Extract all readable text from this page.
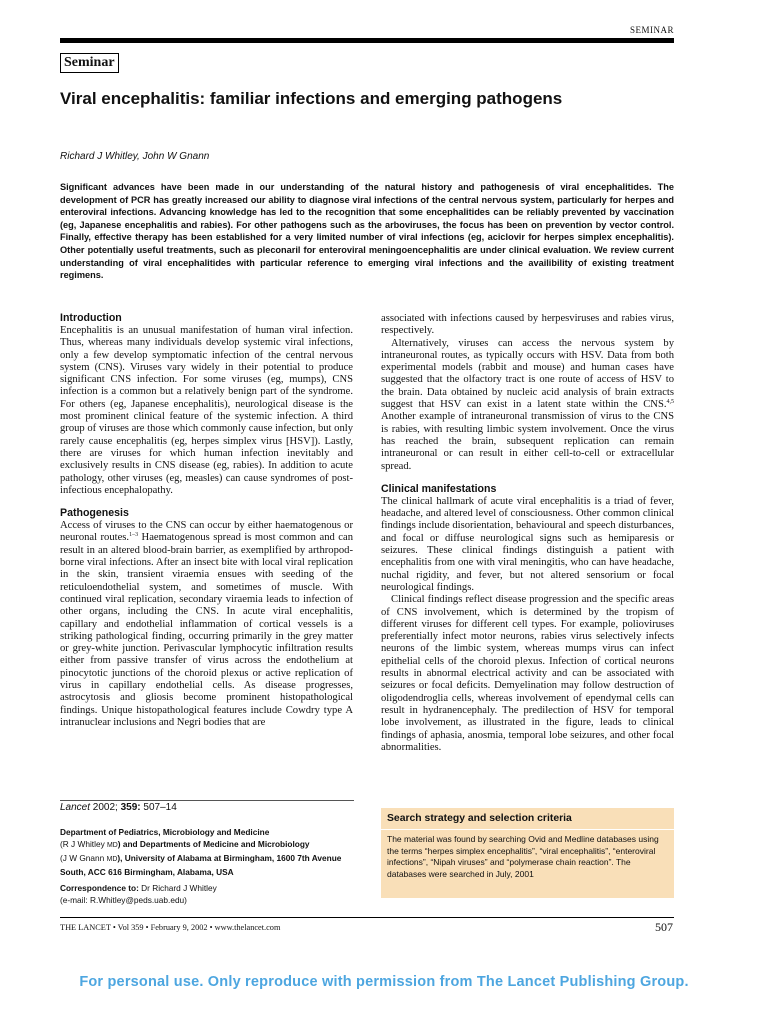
SEMINAR
Seminar
Viral encephalitis: familiar infections and emerging pathogens
Richard J Whitley, John W Gnann

Significant advances have been made in our understanding of the natural history and pathogenesis of viral encephalitides. The development of PCR has greatly increased our ability to diagnose viral infections of the central nervous system, particularly for herpes and enteroviral infections. Advancing knowledge has led to the recognition that some encephalitides can be reliably prevented by vaccination (eg, Japanese encephalitis and rabies). For other pathogens such as the arboviruses, the focus has been on prevention by vector control. Finally, effective therapy has been established for a very limited number of viral infections (eg, aciclovir for herpes simplex encephalitis). Other potentially useful treatments, such as pleconaril for enteroviral meningoencephalitis are under clinical evaluation. We review current understanding of viral encephalitides with particular reference to emerging viral infections and the availibility of existing treatment regimens.

Introduction

Encephalitis is an unusual manifestation of human viral infection. Thus, whereas many individuals develop systemic viral infections, only a few develop symptomatic infection of the central nervous system (CNS). Viruses vary widely in their potential to produce significant CNS infection. For some viruses (eg, mumps), CNS infection is a common but a relatively benign part of the syndrome. For others (eg, Japanese encephalitis), neurological disease is the most prominent clinical feature of the systemic infection. A third group of viruses are those which commonly cause infection, but only rarely cause encephalitis (eg, herpes simplex virus [HSV]). Lastly, there are viruses for which human infection inevitably and exclusively results in CNS disease (eg, rabies). In addition to acute pathology, other viruses (eg, measles) can cause syndromes of post-infectious encephalopathy.

Pathogenesis

Access of viruses to the CNS can occur by either haematogenous or neuronal routes.$^{1-3}$ Haematogenous spread is most common and can result in an altered blood-brain barrier, as exemplified by arthropod-borne viral infections. After an insect bite with local viral replication in the skin, transient viraemia ensues with seeding of the reticuloendothelial system, and sometimes of muscle. With continued viral replication, secondary viraemia leads to infection of other organs, including the CNS. In acute viral encephalitis, capillary and endothelial inflammation of cortical vessels is a striking pathological finding, occurring primarily in the grey matter or grey-white junction. Perivascular lymphocytic infiltration results either from passive transfer of virus across the endothelium at pinocytotic junctions of the choroid plexus or active replication of virus in capillary endothelial cells. As disease progresses, astrocytosis and gliosis become prominent histopathological findings. Unique histopathological features include Cowdry type A intranuclear inclusions and Negri bodies that are

associated with infections caused by herpesviruses and rabies virus, respectively.

Alternatively, viruses can access the nervous system by intraneuronal routes, as typically occurs with HSV. Data from both experimental models (rabbit and mouse) and human cases have suggested that the olfactory tract is one route of access of HSV to the brain. Data obtained by nucleic acid analysis of brain extracts suggest that HSV can exist in a latent state within the CNS.$^{4,5}$ Another example of intraneuronal transmission of virus to the CNS is rabies, with resulting limbic system involvement. Once the virus has reached the brain, subsequent replication can remain intraneuronal or can result in either cell-to-cell or extracellular spread.

Clinical manifestations

The clinical hallmark of acute viral encephalitis is a triad of fever, headache, and altered level of consciousness. Other common clinical findings include disorientation, behavioural and speech disturbances, and focal or diffuse neurological signs such as hemiparesis or seizures. These clinical findings distinguish a patient with encephalitis from one with viral meningitis, who can have headache, nuchal rigidity, and fever, but not altered sensorium or focal neurological findings.

Clinical findings reflect disease progression and the specific areas of CNS involvement, which is determined by the tropism of different viruses for different cell types. For example, polioviruses preferentially infect motor neurons, rabies virus selectively infects neurons of the limbic system, whereas mumps virus can infect epithelial cells of the choroid plexus. Infection of cortical neurons results in abnormal electrical activity and can be associated with seizures or focal deficits. Demyelination may follow destruction of oligodendroglia cells, whereas involvement of ependymal cells can result in hydranencephaly. The predilection of HSV for temporal lobe involvement, as illustrated in the figure, leads to clinical findings of aphasia, anosmia, temporal lobe seizures, and other focal abnormalities.

Lancet 2002; 359: 507–14

Department of Pediatrics, Microbiology and Medicine
(R J Whitley MD) and Departments of Medicine and Microbiology
(J W Gnann MD), University of Alabama at Birmingham, 1600 7th Avenue South, ACC 616 Birmingham, Alabama, USA

Correspondence to: Dr Richard J Whitley
(e-mail: R.Whitley@peds.uab.edu)

Search strategy and selection criteria

The material was found by searching Ovid and Medline databases using the terms “herpes simplex encephalitis”, “viral encephalitis”, “enteroviral infections”, “Nipah viruses” and “polymerase chain reaction”. The databases were searched in July, 2001

THE LANCET • Vol 359 • February 9, 2002 • www.thelancet.com	507
For personal use. Only reproduce with permission from The Lancet Publishing Group.
